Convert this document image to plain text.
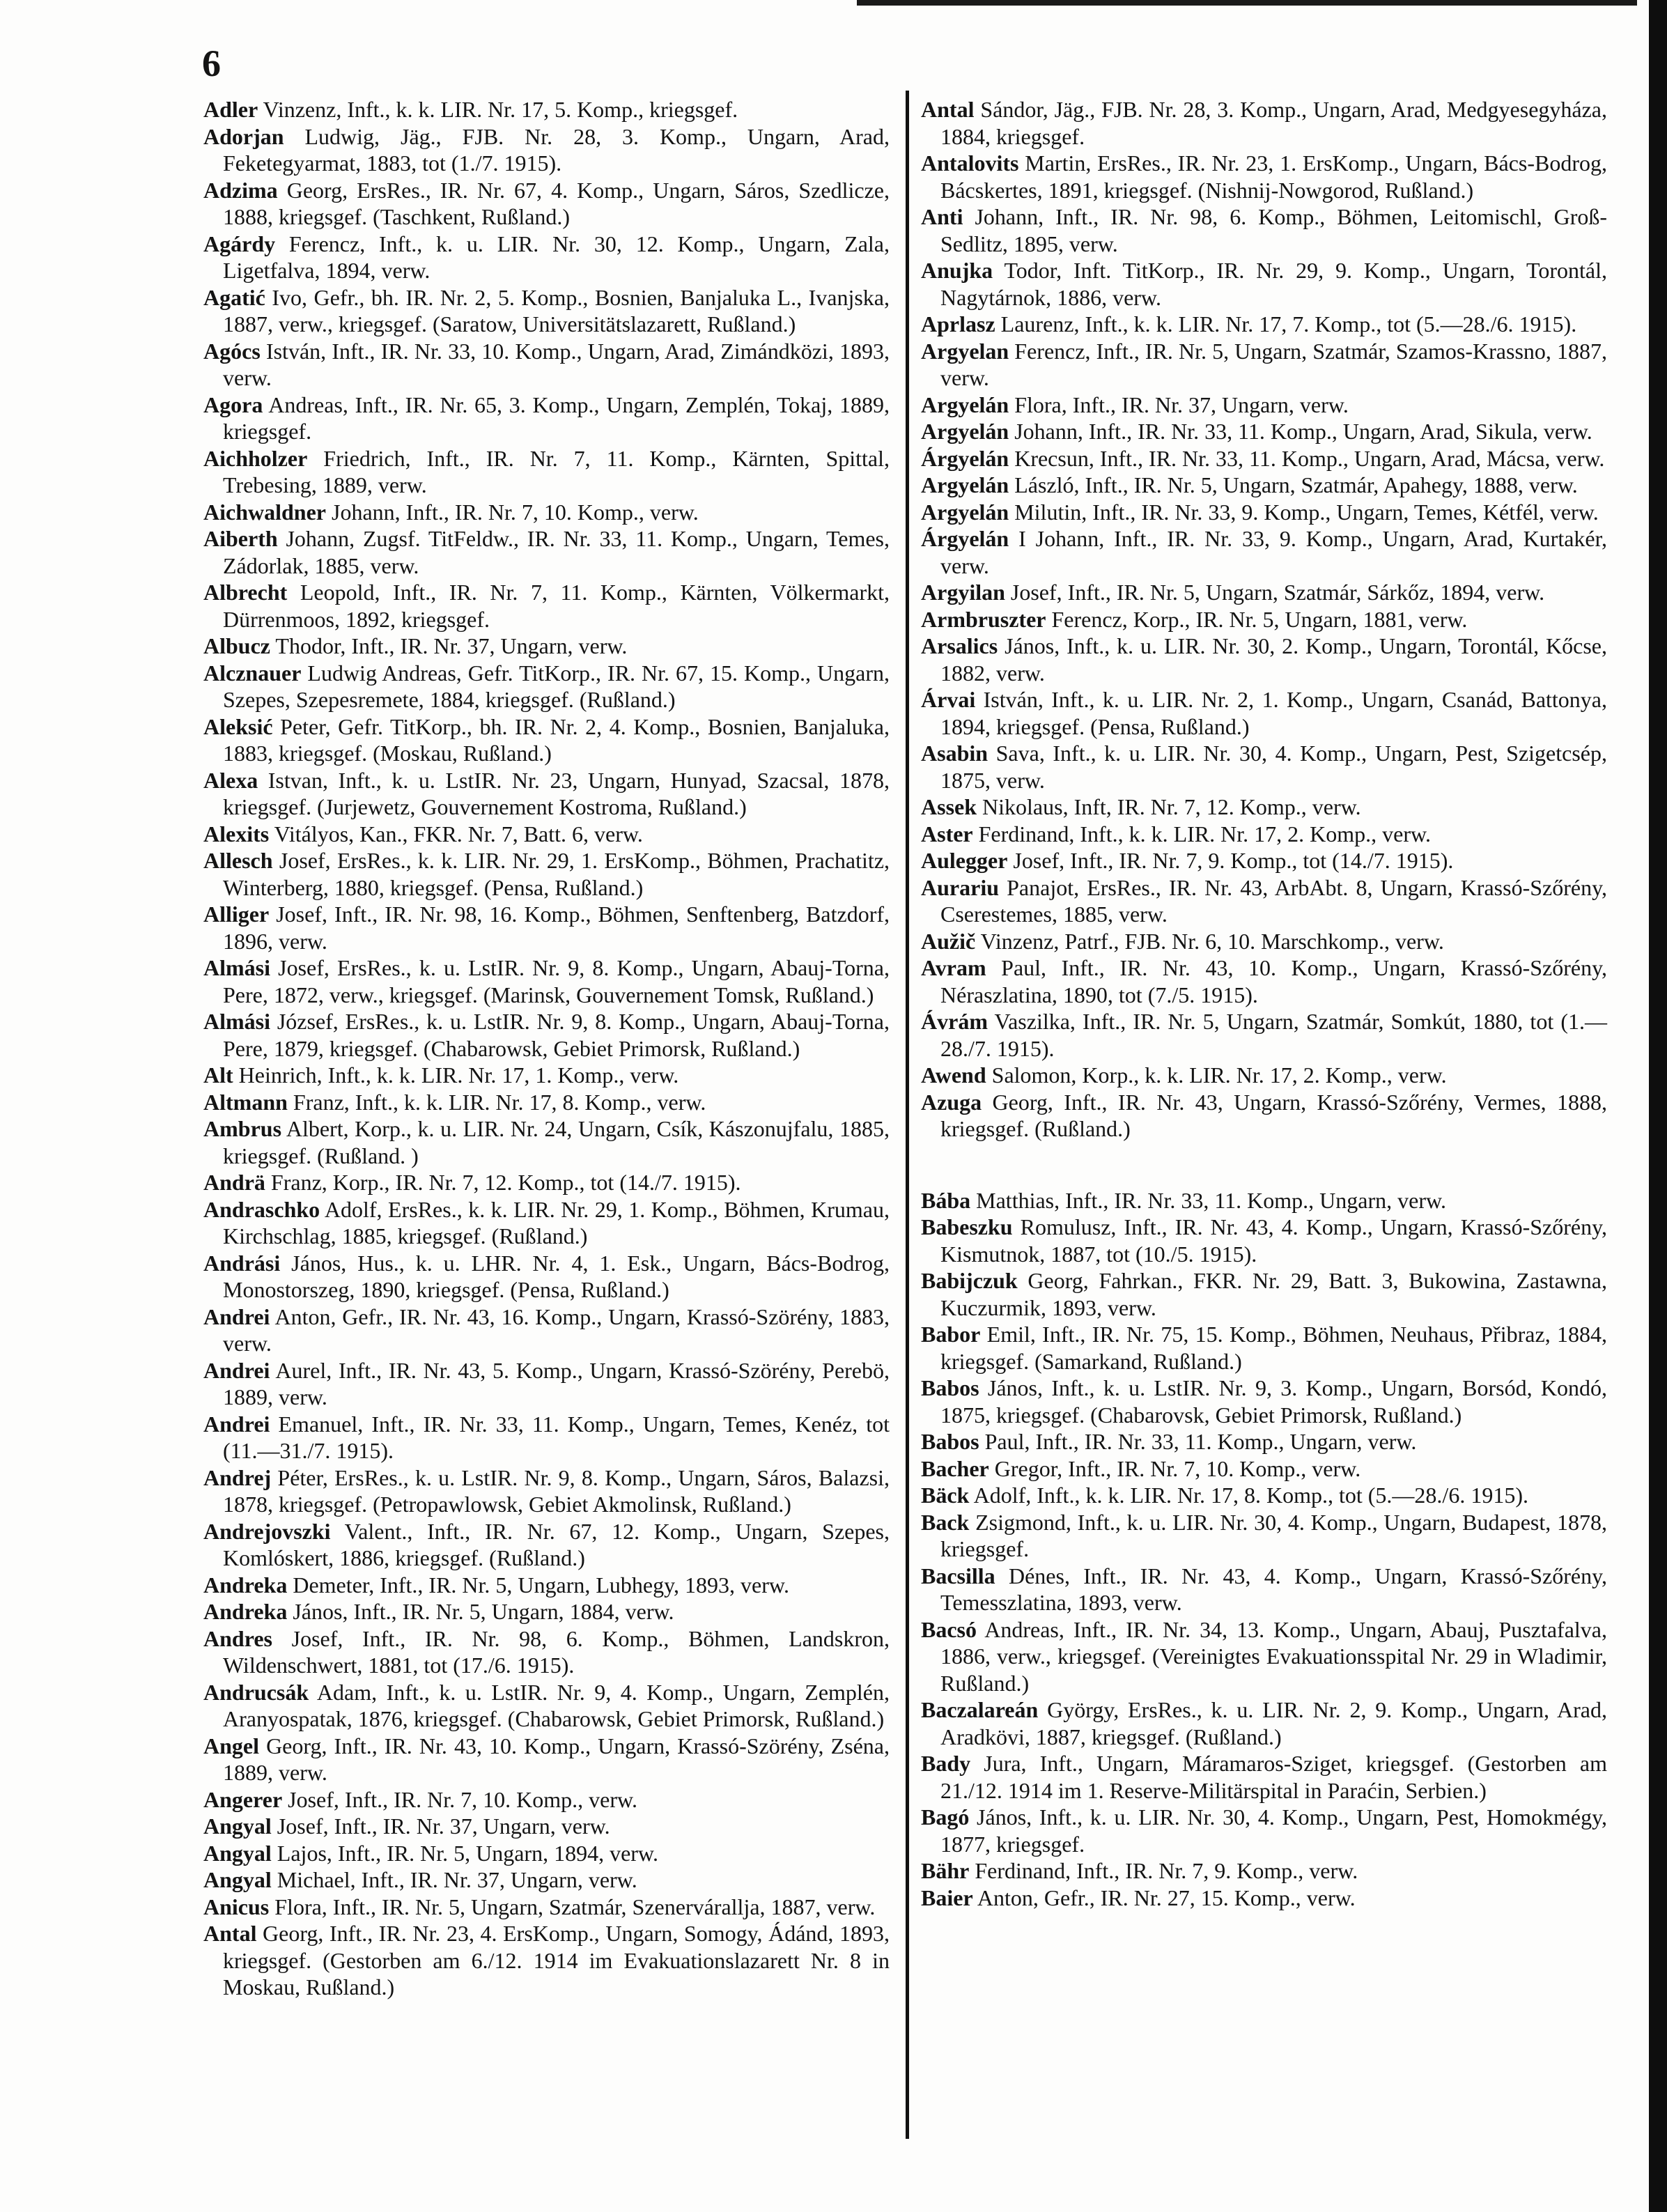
6

Adler Vinzenz, Inft., k. k. LIR. Nr. 17, 5. Komp., kriegsgef.

Adorjan Ludwig, Jäg., FJB. Nr. 28, 3. Komp., Ungarn, Arad, Feketegyarmat, 1883, tot (1./7. 1915).

Adzima Georg, ErsRes., IR. Nr. 67, 4. Komp., Ungarn, Sáros, Szedlicze, 1888, kriegsgef. (Taschkent, Rußland.)

Agárdy Ferencz, Inft., k. u. LIR. Nr. 30, 12. Komp., Ungarn, Zala, Ligetfalva, 1894, verw.

Agatić Ivo, Gefr., bh. IR. Nr. 2, 5. Komp., Bosnien, Banjaluka L., Ivanjska, 1887, verw., kriegsgef. (Saratow, Universitätslazarett, Rußland.)

Agócs István, Inft., IR. Nr. 33, 10. Komp., Ungarn, Arad, Zimándközi, 1893, verw.

Agora Andreas, Inft., IR. Nr. 65, 3. Komp., Ungarn, Zemplén, Tokaj, 1889, kriegsgef.

Aichholzer Friedrich, Inft., IR. Nr. 7, 11. Komp., Kärnten, Spittal, Trebesing, 1889, verw.

Aichwaldner Johann, Inft., IR. Nr. 7, 10. Komp., verw.

Aiberth Johann, Zugsf. TitFeldw., IR. Nr. 33, 11. Komp., Ungarn, Temes, Zádorlak, 1885, verw.

Albrecht Leopold, Inft., IR. Nr. 7, 11. Komp., Kärnten, Völkermarkt, Dürrenmoos, 1892, kriegsgef.

Albucz Thodor, Inft., IR. Nr. 37, Ungarn, verw.

Alcznauer Ludwig Andreas, Gefr. TitKorp., IR. Nr. 67, 15. Komp., Ungarn, Szepes, Szepesremete, 1884, kriegsgef. (Rußland.)

Aleksić Peter, Gefr. TitKorp., bh. IR. Nr. 2, 4. Komp., Bosnien, Banjaluka, 1883, kriegsgef. (Moskau, Rußland.)

Alexa Istvan, Inft., k. u. LstIR. Nr. 23, Ungarn, Hunyad, Szacsal, 1878, kriegsgef. (Jurjewetz, Gouvernement Kostroma, Rußland.)

Alexits Vitályos, Kan., FKR. Nr. 7, Batt. 6, verw.

Allesch Josef, ErsRes., k. k. LIR. Nr. 29, 1. ErsKomp., Böhmen, Prachatitz, Winterberg, 1880, kriegsgef. (Pensa, Rußland.)

Alliger Josef, Inft., IR. Nr. 98, 16. Komp., Böhmen, Senftenberg, Batzdorf, 1896, verw.

Almási Josef, ErsRes., k. u. LstIR. Nr. 9, 8. Komp., Ungarn, Abauj-Torna, Pere, 1872, verw., kriegsgef. (Marinsk, Gouvernement Tomsk, Rußland.)

Almási József, ErsRes., k. u. LstIR. Nr. 9, 8. Komp., Ungarn, Abauj-Torna, Pere, 1879, kriegsgef. (Chabarowsk, Gebiet Primorsk, Rußland.)

Alt Heinrich, Inft., k. k. LIR. Nr. 17, 1. Komp., verw.

Altmann Franz, Inft., k. k. LIR. Nr. 17, 8. Komp., verw.

Ambrus Albert, Korp., k. u. LIR. Nr. 24, Ungarn, Csík, Kászonujfalu, 1885, kriegsgef. (Rußland. )

Andrä Franz, Korp., IR. Nr. 7, 12. Komp., tot (14./7. 1915).

Andraschko Adolf, ErsRes., k. k. LIR. Nr. 29, 1. Komp., Böhmen, Krumau, Kirchschlag, 1885, kriegsgef. (Rußland.)

Andrási János, Hus., k. u. LHR. Nr. 4, 1. Esk., Ungarn, Bács-Bodrog, Monostorszeg, 1890, kriegsgef. (Pensa, Rußland.)

Andrei Anton, Gefr., IR. Nr. 43, 16. Komp., Ungarn, Krassó-Szörény, 1883, verw.

Andrei Aurel, Inft., IR. Nr. 43, 5. Komp., Ungarn, Krassó-Szörény, Perebö, 1889, verw.

Andrei Emanuel, Inft., IR. Nr. 33, 11. Komp., Ungarn, Temes, Kenéz, tot (11.—31./7. 1915).

Andrej Péter, ErsRes., k. u. LstIR. Nr. 9, 8. Komp., Ungarn, Sáros, Balazsi, 1878, kriegsgef. (Petropawlowsk, Gebiet Akmolinsk, Rußland.)

Andrejovszki Valent., Inft., IR. Nr. 67, 12. Komp., Ungarn, Szepes, Komlóskert, 1886, kriegsgef. (Rußland.)

Andreka Demeter, Inft., IR. Nr. 5, Ungarn, Lubhegy, 1893, verw.

Andreka János, Inft., IR. Nr. 5, Ungarn, 1884, verw.

Andres Josef, Inft., IR. Nr. 98, 6. Komp., Böhmen, Landskron, Wildenschwert, 1881, tot (17./6. 1915).

Andrucsák Adam, Inft., k. u. LstIR. Nr. 9, 4. Komp., Ungarn, Zemplén, Aranyospatak, 1876, kriegsgef. (Chabarowsk, Gebiet Primorsk, Rußland.)

Angel Georg, Inft., IR. Nr. 43, 10. Komp., Ungarn, Krassó-Szörény, Zséna, 1889, verw.

Angerer Josef, Inft., IR. Nr. 7, 10. Komp., verw.

Angyal Josef, Inft., IR. Nr. 37, Ungarn, verw.

Angyal Lajos, Inft., IR. Nr. 5, Ungarn, 1894, verw.

Angyal Michael, Inft., IR. Nr. 37, Ungarn, verw.

Anicus Flora, Inft., IR. Nr. 5, Ungarn, Szatmár, Szenervárallja, 1887, verw.

Antal Georg, Inft., IR. Nr. 23, 4. ErsKomp., Ungarn, Somogy, Ádánd, 1893, kriegsgef. (Gestorben am 6./12. 1914 im Evakuationslazarett Nr. 8 in Moskau, Rußland.)

Antal Sándor, Jäg., FJB. Nr. 28, 3. Komp., Ungarn, Arad, Medgyesegyháza, 1884, kriegsgef.

Antalovits Martin, ErsRes., IR. Nr. 23, 1. ErsKomp., Ungarn, Bács-Bodrog, Bácskertes, 1891, kriegsgef. (Nishnij-Nowgorod, Rußland.)

Anti Johann, Inft., IR. Nr. 98, 6. Komp., Böhmen, Leitomischl, Groß-Sedlitz, 1895, verw.

Anujka Todor, Inft. TitKorp., IR. Nr. 29, 9. Komp., Ungarn, Torontál, Nagytárnok, 1886, verw.

Aprlasz Laurenz, Inft., k. k. LIR. Nr. 17, 7. Komp., tot (5.—28./6. 1915).

Argyelan Ferencz, Inft., IR. Nr. 5, Ungarn, Szatmár, Szamos-Krassno, 1887, verw.

Argyelán Flora, Inft., IR. Nr. 37, Ungarn, verw.

Argyelán Johann, Inft., IR. Nr. 33, 11. Komp., Ungarn, Arad, Sikula, verw.

Árgyelán Krecsun, Inft., IR. Nr. 33, 11. Komp., Ungarn, Arad, Mácsa, verw.

Argyelán László, Inft., IR. Nr. 5, Ungarn, Szatmár, Apahegy, 1888, verw.

Argyelán Milutin, Inft., IR. Nr. 33, 9. Komp., Ungarn, Temes, Kétfél, verw.

Árgyelán I Johann, Inft., IR. Nr. 33, 9. Komp., Ungarn, Arad, Kurtakér, verw.

Argyilan Josef, Inft., IR. Nr. 5, Ungarn, Szatmár, Sárkőz, 1894, verw.

Armbruszter Ferencz, Korp., IR. Nr. 5, Ungarn, 1881, verw.

Arsalics János, Inft., k. u. LIR. Nr. 30, 2. Komp., Ungarn, Torontál, Kőcse, 1882, verw.

Árvai István, Inft., k. u. LIR. Nr. 2, 1. Komp., Ungarn, Csanád, Battonya, 1894, kriegsgef. (Pensa, Rußland.)

Asabin Sava, Inft., k. u. LIR. Nr. 30, 4. Komp., Ungarn, Pest, Szigetcsép, 1875, verw.

Assek Nikolaus, Inft, IR. Nr. 7, 12. Komp., verw.

Aster Ferdinand, Inft., k. k. LIR. Nr. 17, 2. Komp., verw.

Aulegger Josef, Inft., IR. Nr. 7, 9. Komp., tot (14./7. 1915).

Aurariu Panajot, ErsRes., IR. Nr. 43, ArbAbt. 8, Ungarn, Krassó-Szőrény, Cserestemes, 1885, verw.

Aužič Vinzenz, Patrf., FJB. Nr. 6, 10. Marschkomp., verw.

Avram Paul, Inft., IR. Nr. 43, 10. Komp., Ungarn, Krassó-Szőrény, Néraszlatina, 1890, tot (7./5. 1915).

Ávrám Vaszilka, Inft., IR. Nr. 5, Ungarn, Szatmár, Somkút, 1880, tot (1.—28./7. 1915).

Awend Salomon, Korp., k. k. LIR. Nr. 17, 2. Komp., verw.

Azuga Georg, Inft., IR. Nr. 43, Ungarn, Krassó-Szőrény, Vermes, 1888, kriegsgef. (Rußland.)

Bába Matthias, Inft., IR. Nr. 33, 11. Komp., Ungarn, verw.

Babeszku Romulusz, Inft., IR. Nr. 43, 4. Komp., Ungarn, Krassó-Szőrény, Kismutnok, 1887, tot (10./5. 1915).

Babijczuk Georg, Fahrkan., FKR. Nr. 29, Batt. 3, Bukowina, Zastawna, Kuczurmik, 1893, verw.

Babor Emil, Inft., IR. Nr. 75, 15. Komp., Böhmen, Neuhaus, Přibraz, 1884, kriegsgef. (Samarkand, Rußland.)

Babos János, Inft., k. u. LstIR. Nr. 9, 3. Komp., Ungarn, Borsód, Kondó, 1875, kriegsgef. (Chabarovsk, Gebiet Primorsk, Rußland.)

Babos Paul, Inft., IR. Nr. 33, 11. Komp., Ungarn, verw.

Bacher Gregor, Inft., IR. Nr. 7, 10. Komp., verw.

Bäck Adolf, Inft., k. k. LIR. Nr. 17, 8. Komp., tot (5.—28./6. 1915).

Back Zsigmond, Inft., k. u. LIR. Nr. 30, 4. Komp., Ungarn, Budapest, 1878, kriegsgef.

Bacsilla Dénes, Inft., IR. Nr. 43, 4. Komp., Ungarn, Krassó-Szőrény, Temesszlatina, 1893, verw.

Bacsó Andreas, Inft., IR. Nr. 34, 13. Komp., Ungarn, Abauj, Pusztafalva, 1886, verw., kriegsgef. (Vereinigtes Evakuationsspital Nr. 29 in Wladimir, Rußland.)

Baczalareán György, ErsRes., k. u. LIR. Nr. 2, 9. Komp., Ungarn, Arad, Aradkövi, 1887, kriegsgef. (Rußland.)

Bady Jura, Inft., Ungarn, Máramaros-Sziget, kriegsgef. (Gestorben am 21./12. 1914 im 1. Reserve-Militärspital in Paraćin, Serbien.)

Bagó János, Inft., k. u. LIR. Nr. 30, 4. Komp., Ungarn, Pest, Homokmégy, 1877, kriegsgef.

Bähr Ferdinand, Inft., IR. Nr. 7, 9. Komp., verw.

Baier Anton, Gefr., IR. Nr. 27, 15. Komp., verw.
